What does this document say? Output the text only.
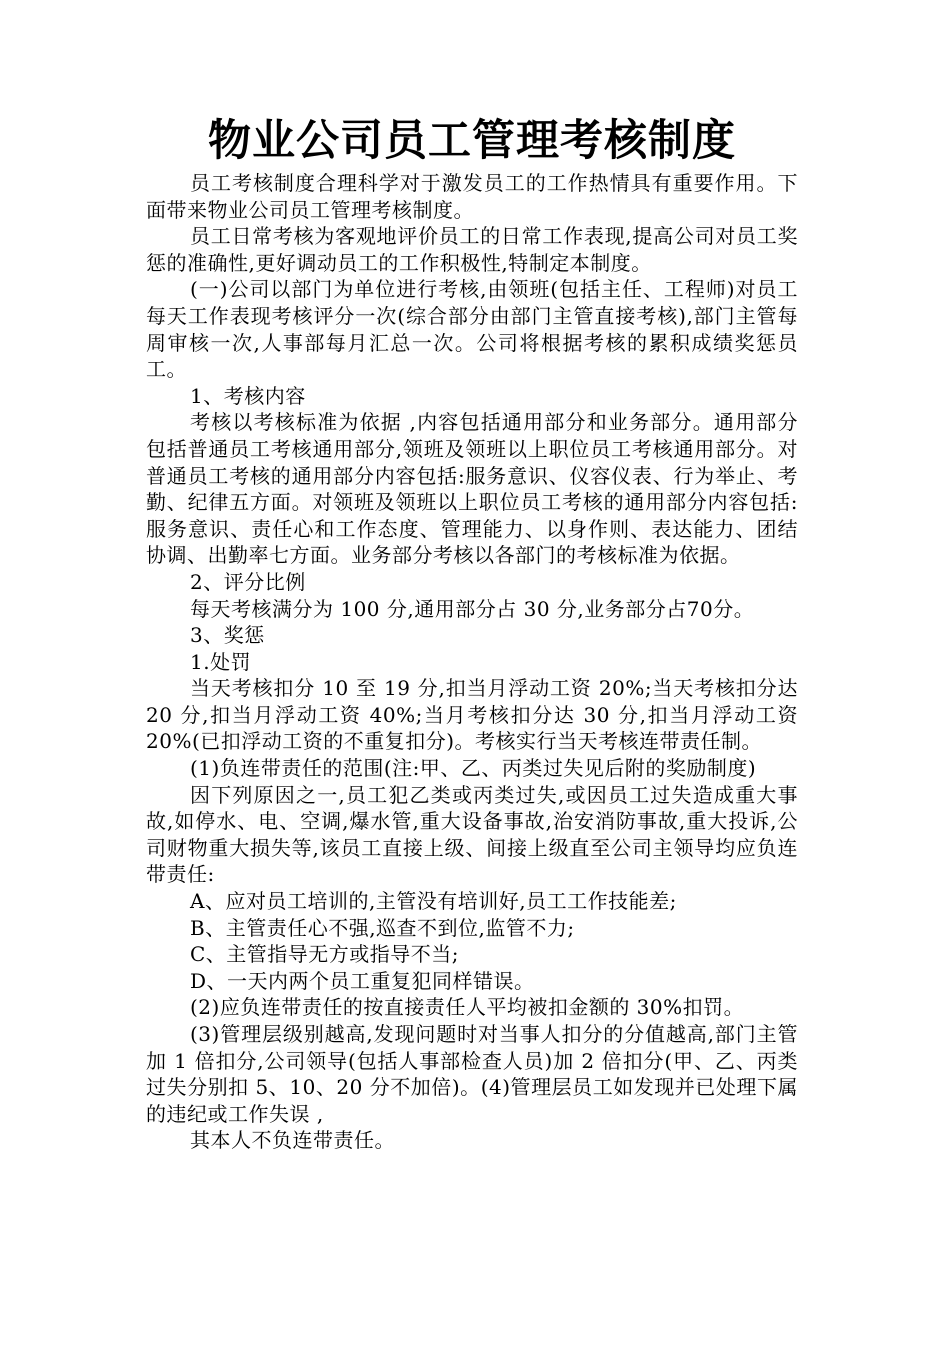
物业公司员工管理考核制度

员工考核制度合理科学对于激发员工的工作热情具有重要作用。下面带来物业公司员工管理考核制度。

员工日常考核为客观地评价员工的日常工作表现,提高公司对员工奖惩的准确性,更好调动员工的工作积极性,特制定本制度。

(一)公司以部门为单位进行考核,由领班(包括主任、工程师)对员工每天工作表现考核评分一次(综合部分由部门主管直接考核),部门主管每周审核一次,人事部每月汇总一次。公司将根据考核的累积成绩奖惩员工。

1、考核内容

考核以考核标准为依据 ,内容包括通用部分和业务部分。通用部分包括普通员工考核通用部分,领班及领班以上职位员工考核通用部分。对普通员工考核的通用部分内容包括:服务意识、仪容仪表、行为举止、考勤、纪律五方面。对领班及领班以上职位员工考核的通用部分内容包括:服务意识、责任心和工作态度、管理能力、以身作则、表达能力、团结协调、出勤率七方面。业务部分考核以各部门的考核标准为依据。

2、评分比例

每天考核满分为 100 分,通用部分占 30 分,业务部分占70分。

3、奖惩

1.处罚

当天考核扣分 10 至 19 分,扣当月浮动工资 20%;当天考核扣分达 20 分,扣当月浮动工资 40%;当月考核扣分达 30 分,扣当月浮动工资 20%(已扣浮动工资的不重复扣分)。考核实行当天考核连带责任制。

(1)负连带责任的范围(注:甲、乙、丙类过失见后附的奖励制度)

因下列原因之一,员工犯乙类或丙类过失,或因员工过失造成重大事故,如停水、电、空调,爆水管,重大设备事故,治安消防事故,重大投诉,公司财物重大损失等,该员工直接上级、间接上级直至公司主领导均应负连带责任:

A、应对员工培训的,主管没有培训好,员工工作技能差;

B、主管责任心不强,巡查不到位,监管不力;

C、主管指导无方或指导不当;

D、一天内两个员工重复犯同样错误。

(2)应负连带责任的按直接责任人平均被扣金额的 30%扣罚。

(3)管理层级别越高,发现问题时对当事人扣分的分值越高,部门主管加 1 倍扣分,公司领导(包括人事部检查人员)加 2 倍扣分(甲、乙、丙类过失分别扣 5、10、20 分不加倍)。(4)管理层员工如发现并已处理下属的违纪或工作失误 ,

其本人不负连带责任。
